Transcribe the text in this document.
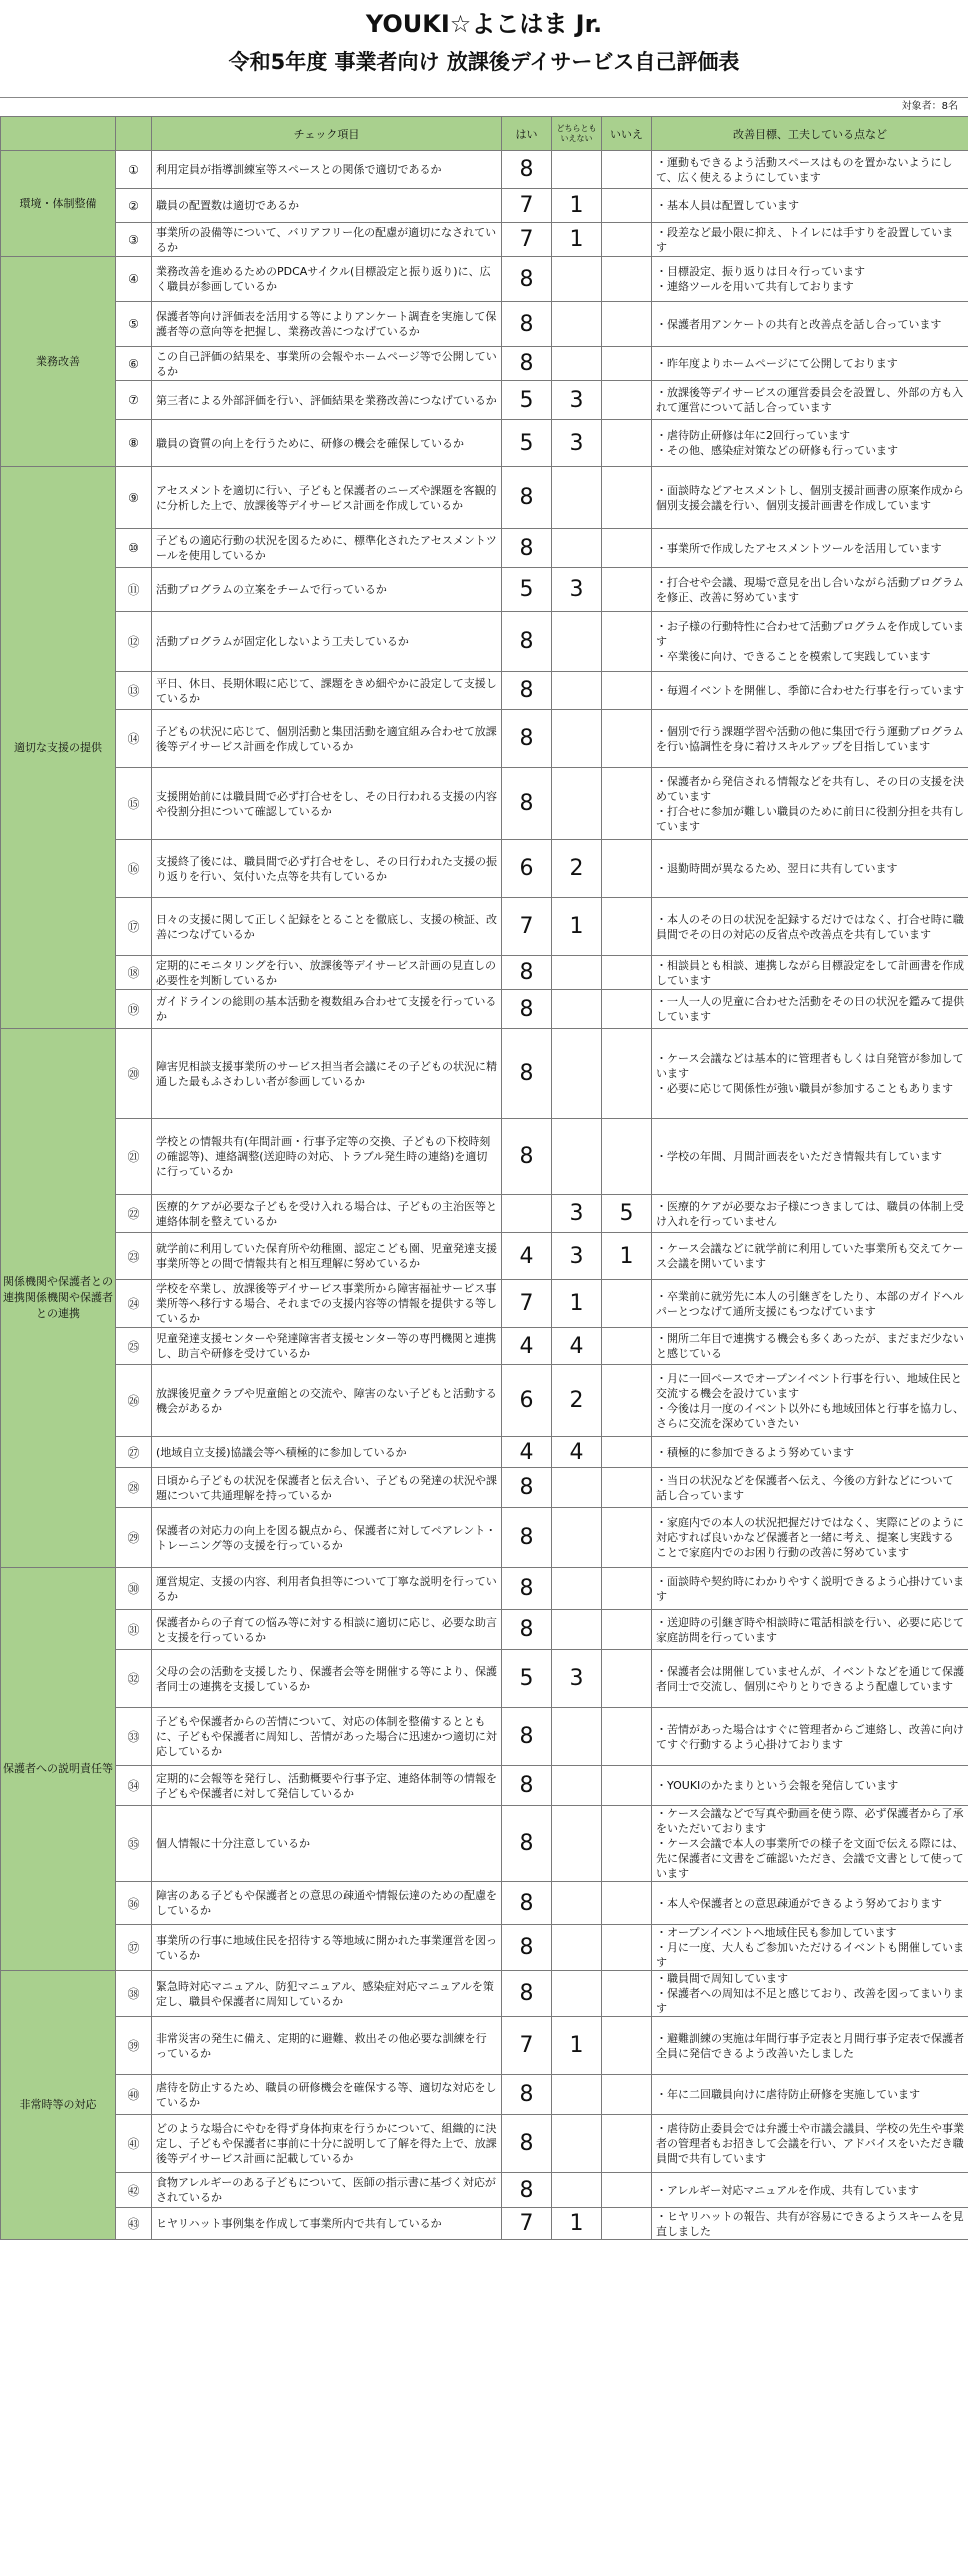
YOUKI☆よこはま Jr.
令和5年度 事業者向け 放課後デイサービス自己評価表
対象者：8名
		チェック項目	はい	どちらとも いえない	いいえ	改善目標、工夫している点など
環境・体制整備	①	利用定員が指導訓練室等スペースとの関係で適切であるか	8			・運動もできるよう活動スペースはものを置かないようにして、広く使えるようにしています

	②	職員の配置数は適切であるか	7	1		・基本人員は配置しています

	③	事業所の設備等について、バリアフリー化の配慮が適切になされているか	7	1		・段差など最小限に抑え、トイレには手すりを設置しています

業務改善	④	業務改善を進めるためのPDCAサイクル(目標設定と振り返り)に、広く職員が参画しているか	8			・目標設定、振り返りは日々行っています
・連絡ツールを用いて共有しております

	⑤	保護者等向け評価表を活用する等によりアンケート調査を実施して保護者等の意向等を把握し、業務改善につなげているか	8			・保護者用アンケートの共有と改善点を話し合っています

	⑥	この自己評価の結果を、事業所の会報やホームページ等で公開しているか	8			・昨年度よりホームページにて公開しております

	⑦	第三者による外部評価を行い、評価結果を業務改善につなげているか	5	3		・放課後等デイサービスの運営委員会を設置し、外部の方も入れて運営について話し合っています

	⑧	職員の資質の向上を行うために、研修の機会を確保しているか	5	3		・虐待防止研修は年に2回行っています
・その他、感染症対策などの研修も行っています

適切な支援の提供	⑨	アセスメントを適切に行い、子どもと保護者のニーズや課題を客観的に分析した上で、放課後等デイサービス計画を作成しているか	8			・面談時などアセスメントし、個別支援計画書の原案作成から個別支援会議を行い、個別支援計画書を作成しています

	⑩	子どもの適応行動の状況を図るために、標準化されたアセスメントツールを使用しているか	8			・事業所で作成したアセスメントツールを活用しています

	⑪	活動プログラムの立案をチームで行っているか	5	3		・打合せや会議、現場で意見を出し合いながら活動プログラムを修正、改善に努めています

	⑫	活動プログラムが固定化しないよう工夫しているか	8			・お子様の行動特性に合わせて活動プログラムを作成しています
・卒業後に向け、できることを模索して実践しています

	⑬	平日、休日、長期休暇に応じて、課題をきめ細やかに設定して支援しているか	8			・毎週イベントを開催し、季節に合わせた行事を行っています

	⑭	子どもの状況に応じて、個別活動と集団活動を適宜組み合わせて放課後等デイサービス計画を作成しているか	8			・個別で行う課題学習や活動の他に集団で行う運動プログラムを行い協調性を身に着けスキルアップを目指しています

	⑮	支援開始前には職員間で必ず打合せをし、その日行われる支援の内容や役割分担について確認しているか	8			・保護者から発信される情報などを共有し、その日の支援を決めています
・打合せに参加が難しい職員のために前日に役割分担を共有しています

	⑯	支援終了後には、職員間で必ず打合せをし、その日行われた支援の振り返りを行い、気付いた点等を共有しているか	6	2		・退勤時間が異なるため、翌日に共有しています

	⑰	日々の支援に関して正しく記録をとることを徹底し、支援の検証、改善につなげているか	7	1		・本人のその日の状況を記録するだけではなく、打合せ時に職員間でその日の対応の反省点や改善点を共有しています

	⑱	定期的にモニタリングを行い、放課後等デイサービス計画の見直しの必要性を判断しているか	8			・相談員とも相談、連携しながら目標設定をして計画書を作成しています

	⑲	ガイドラインの総則の基本活動を複数組み合わせて支援を行っているか	8			・一人一人の児童に合わせた活動をその日の状況を鑑みて提供しています

関係機関や保護者との連携関係機関や保護者との連携	⑳	障害児相談支援事業所のサービス担当者会議にその子どもの状況に精通した最もふさわしい者が参画しているか	8			・ケース会議などは基本的に管理者もしくは自発管が参加しています
・必要に応じて関係性が強い職員が参加することもあります

	㉑	学校との情報共有(年間計画・行事予定等の交換、子どもの下校時刻の確認等)、連絡調整(送迎時の対応、トラブル発生時の連絡)を適切に行っているか	8			・学校の年間、月間計画表をいただき情報共有しています

	㉒	医療的ケアが必要な子どもを受け入れる場合は、子どもの主治医等と連絡体制を整えているか		3	5	・医療的ケアが必要なお子様につきましては、職員の体制上受け入れを行っていません

	㉓	就学前に利用していた保育所や幼稚園、認定こども園、児童発達支援事業所等との間で情報共有と相互理解に努めているか	4	3	1	・ケース会議などに就学前に利用していた事業所も交えてケース会議を開いています

	㉔	学校を卒業し、放課後等デイサービス事業所から障害福祉サービス事業所等へ移行する場合、それまでの支援内容等の情報を提供する等しているか	7	1		・卒業前に就労先に本人の引継ぎをしたり、本部のガイドヘルパーとつなげて通所支援にもつなげています

	㉕	児童発達支援センターや発達障害者支援センター等の専門機関と連携し、助言や研修を受けているか	4	4		・開所二年目で連携する機会も多くあったが、まだまだ少ないと感じている

	㉖	放課後児童クラブや児童館との交流や、障害のない子どもと活動する機会があるか	6	2		・月に一回ペースでオープンイベント行事を行い、地域住民と交流する機会を設けています
・今後は月一度のイベント以外にも地域団体と行事を協力し、さらに交流を深めていきたい

	㉗	(地域自立支援)協議会等へ積極的に参加しているか	4	4		・積極的に参加できるよう努めています

	㉘	日頃から子どもの状況を保護者と伝え合い、子どもの発達の状況や課題について共通理解を持っているか	8			・当日の状況などを保護者へ伝え、今後の方針などについて話し合っています

	㉙	保護者の対応力の向上を図る観点から、保護者に対してペアレント・トレーニング等の支援を行っているか	8			・家庭内での本人の状況把握だけではなく、実際にどのように対応すれば良いかなど保護者と一緒に考え、提案し実践することで家庭内でのお困り行動の改善に努めています

保護者への説明責任等	㉚	運営規定、支援の内容、利用者負担等について丁寧な説明を行っているか	8			・面談時や契約時にわかりやすく説明できるよう心掛けています

	㉛	保護者からの子育ての悩み等に対する相談に適切に応じ、必要な助言と支援を行っているか	8			・送迎時の引継ぎ時や相談時に電話相談を行い、必要に応じて家庭訪問を行っています

	㉜	父母の会の活動を支援したり、保護者会等を開催する等により、保護者同士の連携を支援しているか	5	3		・保護者会は開催していませんが、イベントなどを通じて保護者同士で交流し、個別にやりとりできるよう配慮しています

	㉝	子どもや保護者からの苦情について、対応の体制を整備するとともに、子どもや保護者に周知し、苦情があった場合に迅速かつ適切に対応しているか	8			・苦情があった場合はすぐに管理者からご連絡し、改善に向けてすぐ行動するよう心掛けております

	㉞	定期的に会報等を発行し、活動概要や行事予定、連絡体制等の情報を子どもや保護者に対して発信しているか	8			・YOUKIのかたまりという会報を発信しています

	㉟	個人情報に十分注意しているか	8			・ケース会議などで写真や動画を使う際、必ず保護者から了承をいただいております
・ケース会議で本人の事業所での様子を文面で伝える際には、先に保護者に文書をご確認いただき、会議で文書として使っています

	㊱	障害のある子どもや保護者との意思の疎通や情報伝達のための配慮をしているか	8			・本人や保護者との意思疎通ができるよう努めております

	㊲	事業所の行事に地域住民を招待する等地域に開かれた事業運営を図っているか	8			・オープンイベントへ地域住民も参加しています
・月に一度、大人もご参加いただけるイベントも開催しています

非常時等の対応	㊳	緊急時対応マニュアル、防犯マニュアル、感染症対応マニュアルを策定し、職員や保護者に周知しているか	8			・職員間で周知しています
・保護者への周知は不足と感じており、改善を図ってまいります

	㊴	非常災害の発生に備え、定期的に避難、救出その他必要な訓練を行っているか	7	1		・避難訓練の実施は年間行事予定表と月間行事予定表で保護者全員に発信できるよう改善いたしました

	㊵	虐待を防止するため、職員の研修機会を確保する等、適切な対応をしているか	8			・年に二回職員向けに虐待防止研修を実施しています

	㊶	どのような場合にやむを得ず身体拘束を行うかについて、組織的に決定し、子どもや保護者に事前に十分に説明して了解を得た上で、放課後等デイサービス計画に記載しているか	8			・虐待防止委員会では弁護士や市議会議員、学校の先生や事業者の管理者もお招きして会議を行い、アドバイスをいただき職員間で共有しています

	㊷	食物アレルギーのある子どもについて、医師の指示書に基づく対応がされているか	8			・アレルギー対応マニュアルを作成、共有しています

	㊸	ヒヤリハット事例集を作成して事業所内で共有しているか	7	1		・ヒヤリハットの報告、共有が容易にできるようスキームを見直しました
